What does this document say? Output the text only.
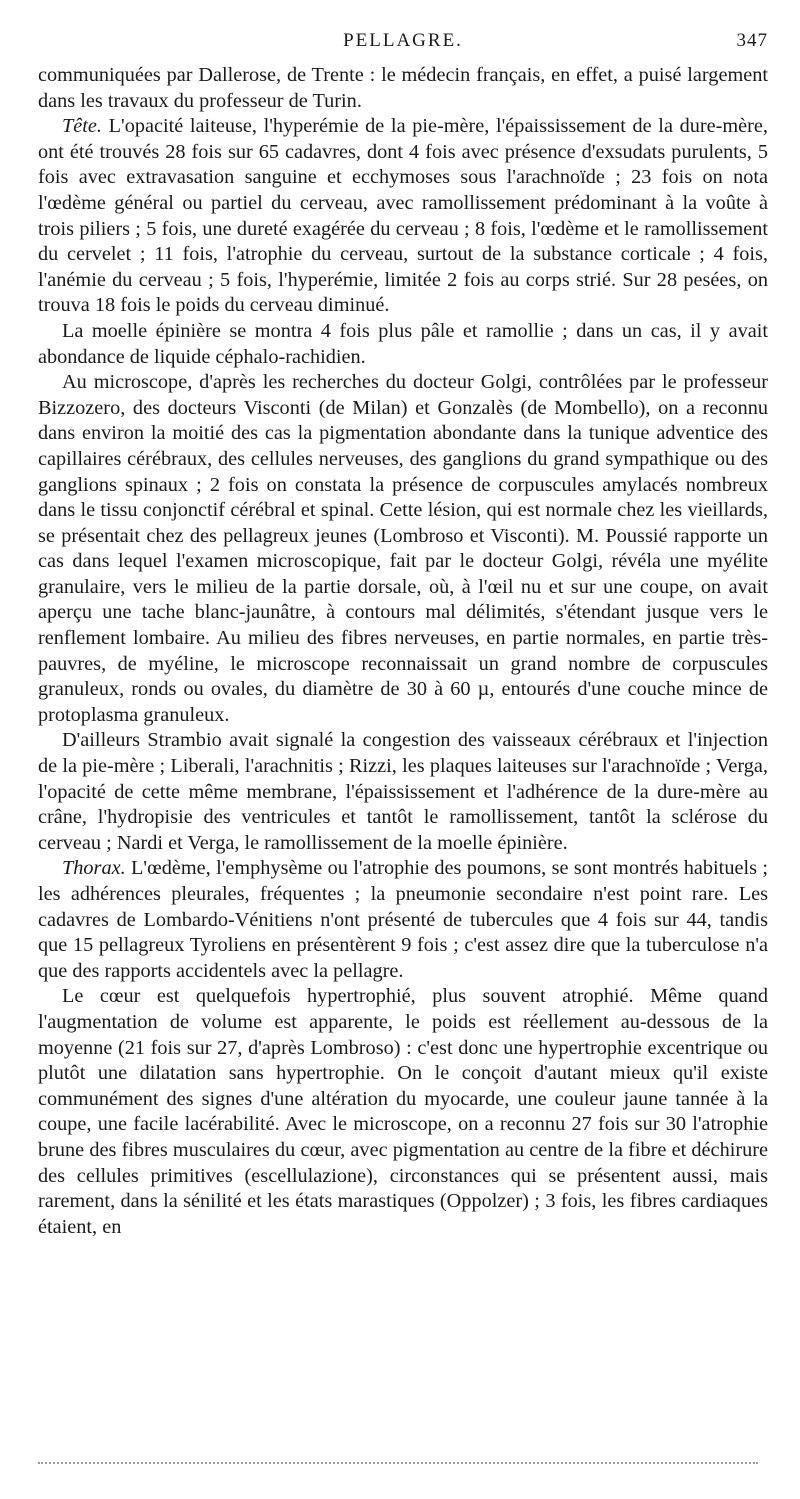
PELLAGRE.	347

communiquées par Dallerose, de Trente : le médecin français, en effet, a puisé largement dans les travaux du professeur de Turin.

Tête. L'opacité laiteuse, l'hyperémie de la pie-mère, l'épaississement de la dure-mère, ont été trouvés 28 fois sur 65 cadavres, dont 4 fois avec présence d'exsudats purulents, 5 fois avec extravasation sanguine et ecchymoses sous l'arachnoïde ; 23 fois on nota l'œdème général ou partiel du cerveau, avec ramollissement prédominant à la voûte à trois piliers ; 5 fois, une dureté exagérée du cerveau ; 8 fois, l'œdème et le ramollissement du cervelet ; 11 fois, l'atrophie du cerveau, surtout de la substance corticale ; 4 fois, l'anémie du cerveau ; 5 fois, l'hyperémie, limitée 2 fois au corps strié. Sur 28 pesées, on trouva 18 fois le poids du cerveau diminué.

La moelle épinière se montra 4 fois plus pâle et ramollie ; dans un cas, il y avait abondance de liquide céphalo-rachidien.

Au microscope, d'après les recherches du docteur Golgi, contrôlées par le professeur Bizzozero, des docteurs Visconti (de Milan) et Gonzalès (de Mombello), on a reconnu dans environ la moitié des cas la pigmentation abondante dans la tunique adventice des capillaires cérébraux, des cellules nerveuses, des ganglions du grand sympathique ou des ganglions spinaux ; 2 fois on constata la présence de corpuscules amylacés nombreux dans le tissu conjonctif cérébral et spinal. Cette lésion, qui est normale chez les vieillards, se présentait chez des pellagreux jeunes (Lombroso et Visconti). M. Poussié rapporte un cas dans lequel l'examen microscopique, fait par le docteur Golgi, révéla une myélite granulaire, vers le milieu de la partie dorsale, où, à l'œil nu et sur une coupe, on avait aperçu une tache blanc-jaunâtre, à contours mal délimités, s'étendant jusque vers le renflement lombaire. Au milieu des fibres nerveuses, en partie normales, en partie très-pauvres, de myéline, le microscope reconnaissait un grand nombre de corpuscules granuleux, ronds ou ovales, du diamètre de 30 à 60 µ, entourés d'une couche mince de protoplasma granuleux.

D'ailleurs Strambio avait signalé la congestion des vaisseaux cérébraux et l'injection de la pie-mère ; Liberali, l'arachnitis ; Rizzi, les plaques laiteuses sur l'arachnoïde ; Verga, l'opacité de cette même membrane, l'épaississement et l'adhérence de la dure-mère au crâne, l'hydropisie des ventricules et tantôt le ramollissement, tantôt la sclérose du cerveau ; Nardi et Verga, le ramollissement de la moelle épinière.

Thorax. L'œdème, l'emphysème ou l'atrophie des poumons, se sont montrés habituels ; les adhérences pleurales, fréquentes ; la pneumonie secondaire n'est point rare. Les cadavres de Lombardo-Vénitiens n'ont présenté de tubercules que 4 fois sur 44, tandis que 15 pellagreux Tyroliens en présentèrent 9 fois ; c'est assez dire que la tuberculose n'a que des rapports accidentels avec la pellagre.

Le cœur est quelquefois hypertrophié, plus souvent atrophié. Même quand l'augmentation de volume est apparente, le poids est réellement au-dessous de la moyenne (21 fois sur 27, d'après Lombroso) : c'est donc une hypertrophie excentrique ou plutôt une dilatation sans hypertrophie. On le conçoit d'autant mieux qu'il existe communément des signes d'une altération du myocarde, une couleur jaune tannée à la coupe, une facile lacérabilité. Avec le microscope, on a reconnu 27 fois sur 30 l'atrophie brune des fibres musculaires du cœur, avec pigmentation au centre de la fibre et déchirure des cellules primitives (escellulazione), circonstances qui se présentent aussi, mais rarement, dans la sénilité et les états marastiques (Oppolzer) ; 3 fois, les fibres cardiaques étaient, en
